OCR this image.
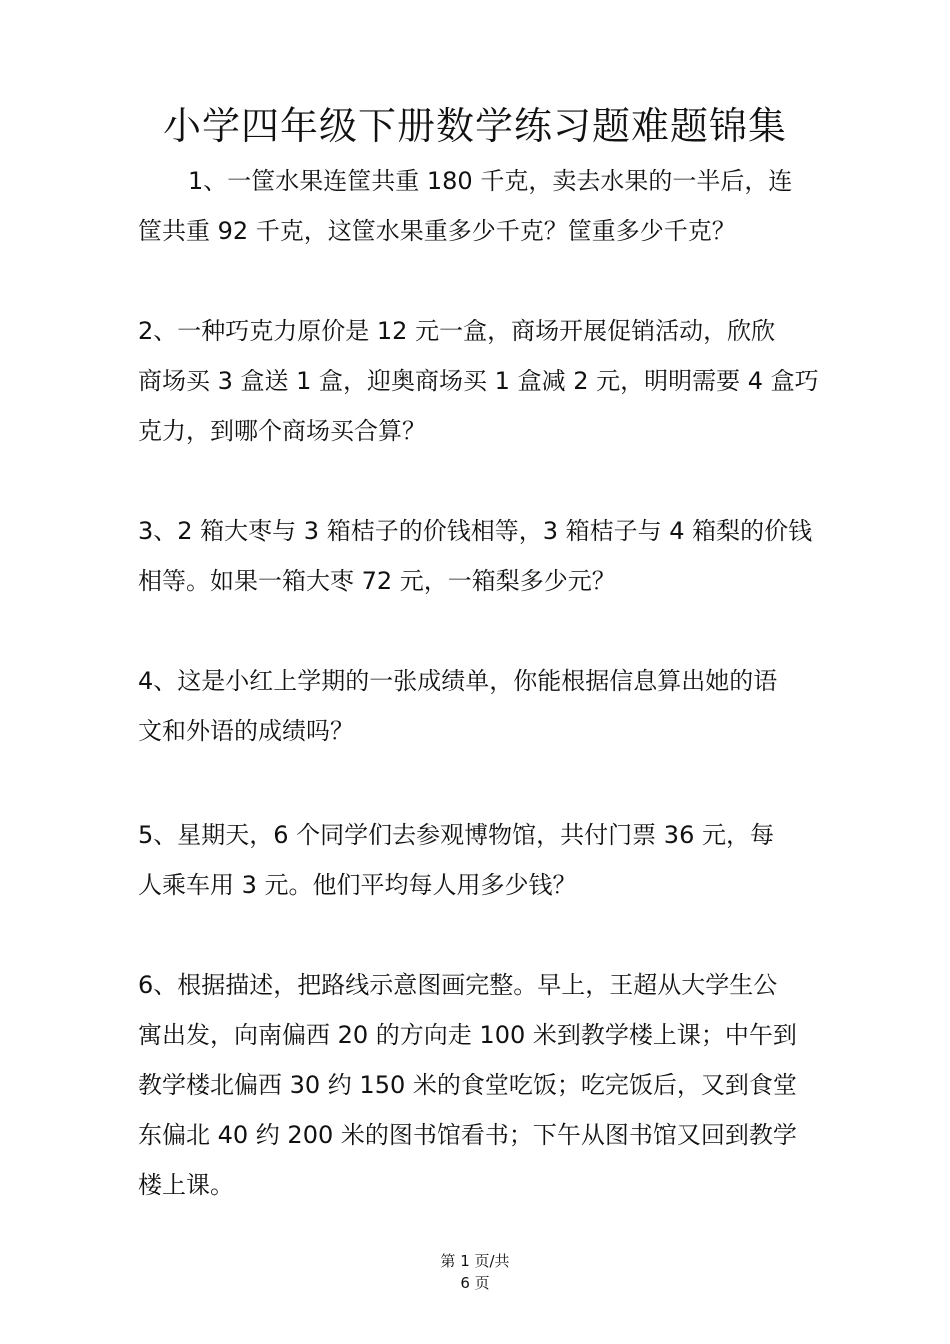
小学四年级下册数学练习题难题锦集
1、一筐水果连筐共重 180 千克，卖去水果的一半后，连
筐共重 92 千克，这筐水果重多少千克？筐重多少千克？
2、一种巧克力原价是 12 元一盒，商场开展促销活动，欣欣
商场买 3 盒送 1 盒，迎奥商场买 1 盒减 2 元，明明需要 4 盒巧
克力，到哪个商场买合算？
3、2 箱大枣与 3 箱桔子的价钱相等，3 箱桔子与 4 箱梨的价钱
相等。如果一箱大枣 72 元，一箱梨多少元？
4、这是小红上学期的一张成绩单，你能根据信息算出她的语
文和外语的成绩吗？
5、星期天，6 个同学们去参观博物馆，共付门票 36 元，每
人乘车用 3 元。他们平均每人用多少钱？
6、根据描述，把路线示意图画完整。早上，王超从大学生公
寓出发，向南偏西 20 的方向走 100 米到教学楼上课；中午到
教学楼北偏西 30 约 150 米的食堂吃饭；吃完饭后，又到食堂
东偏北 40 约 200 米的图书馆看书；下午从图书馆又回到教学
楼上课。
第 1 页/共
6 页
